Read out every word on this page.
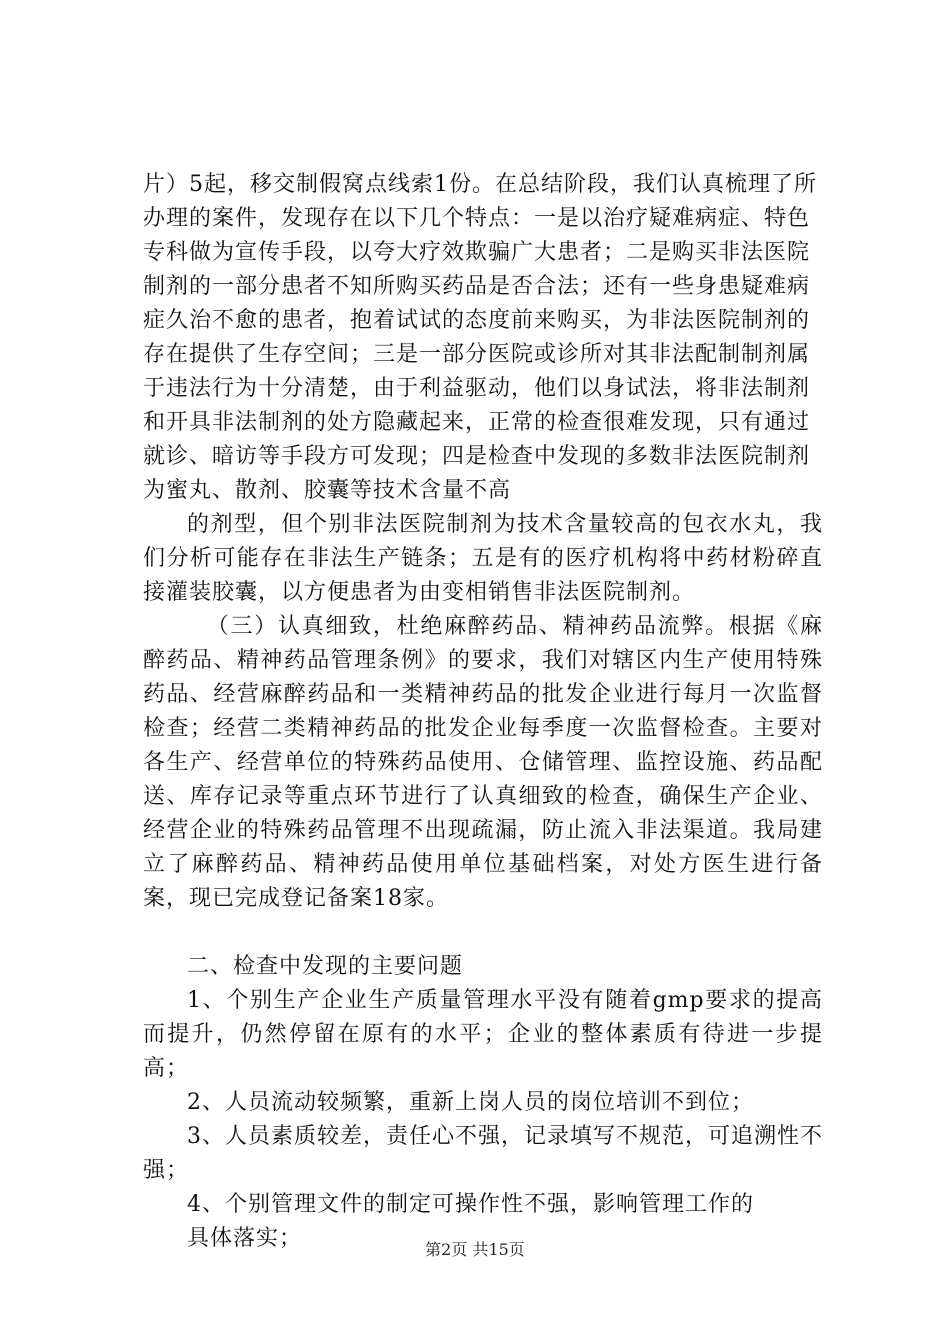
片）5起，移交制假窝点线索1份。在总结阶段，我们认真梳理了所办理的案件，发现存在以下几个特点：一是以治疗疑难病症、特色专科做为宣传手段，以夸大疗效欺骗广大患者；二是购买非法医院制剂的一部分患者不知所购买药品是否合法；还有一些身患疑难病症久治不愈的患者，抱着试试的态度前来购买，为非法医院制剂的存在提供了生存空间；三是一部分医院或诊所对其非法配制制剂属于违法行为十分清楚，由于利益驱动，他们以身试法，将非法制剂和开具非法制剂的处方隐藏起来，正常的检查很难发现，只有通过就诊、暗访等手段方可发现；四是检查中发现的多数非法医院制剂为蜜丸、散剂、胶囊等技术含量不高

的剂型，但个别非法医院制剂为技术含量较高的包衣水丸，我们分析可能存在非法生产链条；五是有的医疗机构将中药材粉碎直接灌装胶囊，以方便患者为由变相销售非法医院制剂。

（三）认真细致，杜绝麻醉药品、精神药品流弊。根据《麻醉药品、精神药品管理条例》的要求，我们对辖区内生产使用特殊药品、经营麻醉药品和一类精神药品的批发企业进行每月一次监督检查；经营二类精神药品的批发企业每季度一次监督检查。主要对各生产、经营单位的特殊药品使用、仓储管理、监控设施、药品配送、库存记录等重点环节进行了认真细致的检查，确保生产企业、经营企业的特殊药品管理不出现疏漏，防止流入非法渠道。我局建立了麻醉药品、精神药品使用单位基础档案，对处方医生进行备案，现已完成登记备案18家。

二、检查中发现的主要问题

1、个别生产企业生产质量管理水平没有随着gmp要求的提高而提升，仍然停留在原有的水平；企业的整体素质有待进一步提高；

2、人员流动较频繁，重新上岗人员的岗位培训不到位；

3、人员素质较差，责任心不强，记录填写不规范，可追溯性不强；

4、个别管理文件的制定可操作性不强，影响管理工作的

具体落实；	第2页 共15页
